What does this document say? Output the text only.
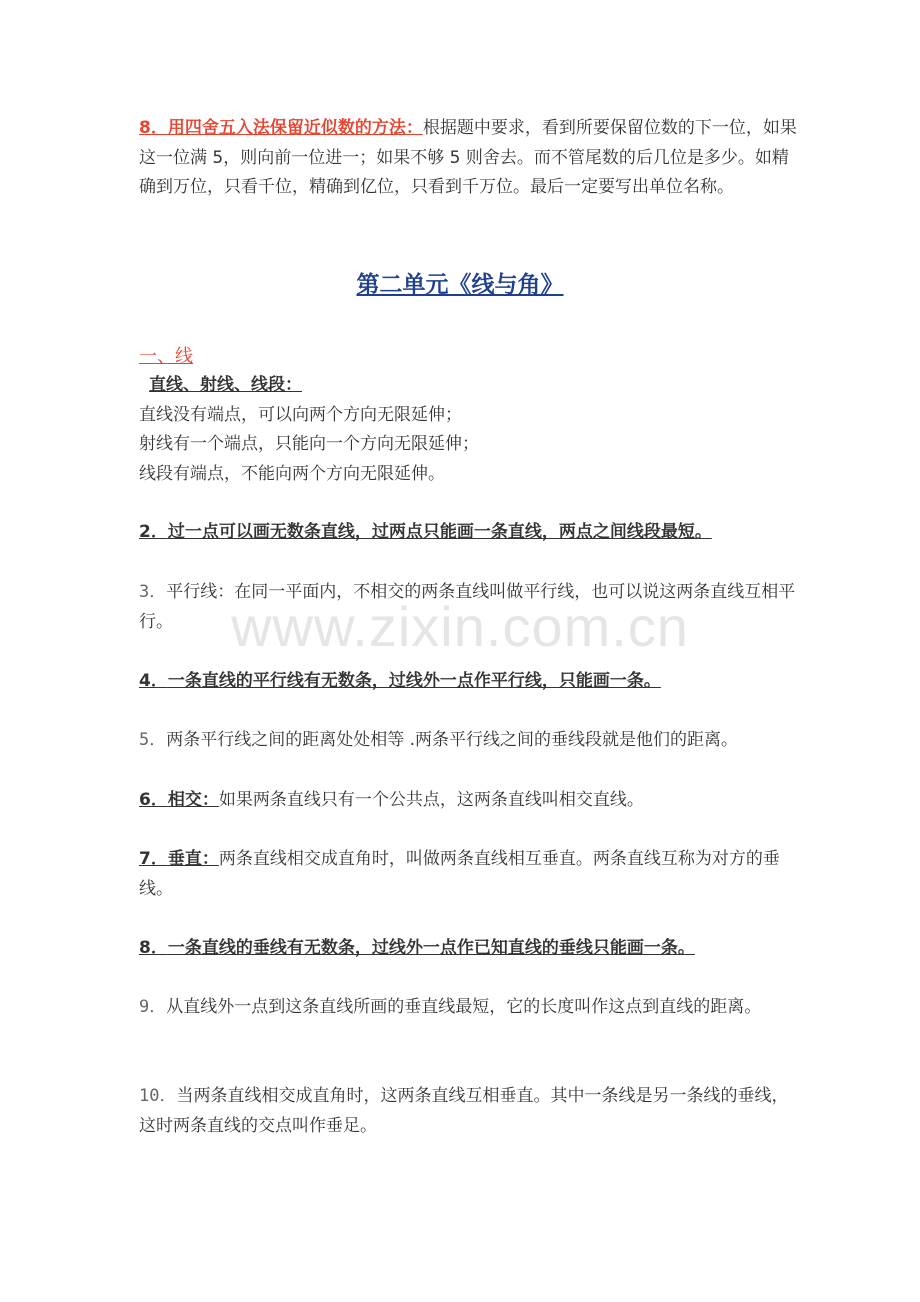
8．用四舍五入法保留近似数的方法：根据题中要求，看到所要保留位数的下一位，如果这一位满 5，则向前一位进一；如果不够 5 则舍去。而不管尾数的后几位是多少。如精确到万位，只看千位，精确到亿位，只看到千万位。最后一定要写出单位名称。

第二单元《线与角》

一、线

直线、射线、线段：
直线没有端点，可以向两个方向无限延伸；
射线有一个端点，只能向一个方向无限延伸；
线段有端点，不能向两个方向无限延伸。

2．过一点可以画无数条直线，过两点只能画一条直线，两点之间线段最短。

3．平行线：在同一平面内，不相交的两条直线叫做平行线，也可以说这两条直线互相平行。

4．一条直线的平行线有无数条，过线外一点作平行线，只能画一条。

5．两条平行线之间的距离处处相等 .两条平行线之间的垂线段就是他们的距离。

6．相交：如果两条直线只有一个公共点，这两条直线叫相交直线。

7．垂直：两条直线相交成直角时，叫做两条直线相互垂直。两条直线互称为对方的垂线。

8．一条直线的垂线有无数条，过线外一点作已知直线的垂线只能画一条。

9．从直线外一点到这条直线所画的垂直线最短，它的长度叫作这点到直线的距离。

10．当两条直线相交成直角时，这两条直线互相垂直。其中一条线是另一条线的垂线，这时两条直线的交点叫作垂足。

www.zixin.com.cn
